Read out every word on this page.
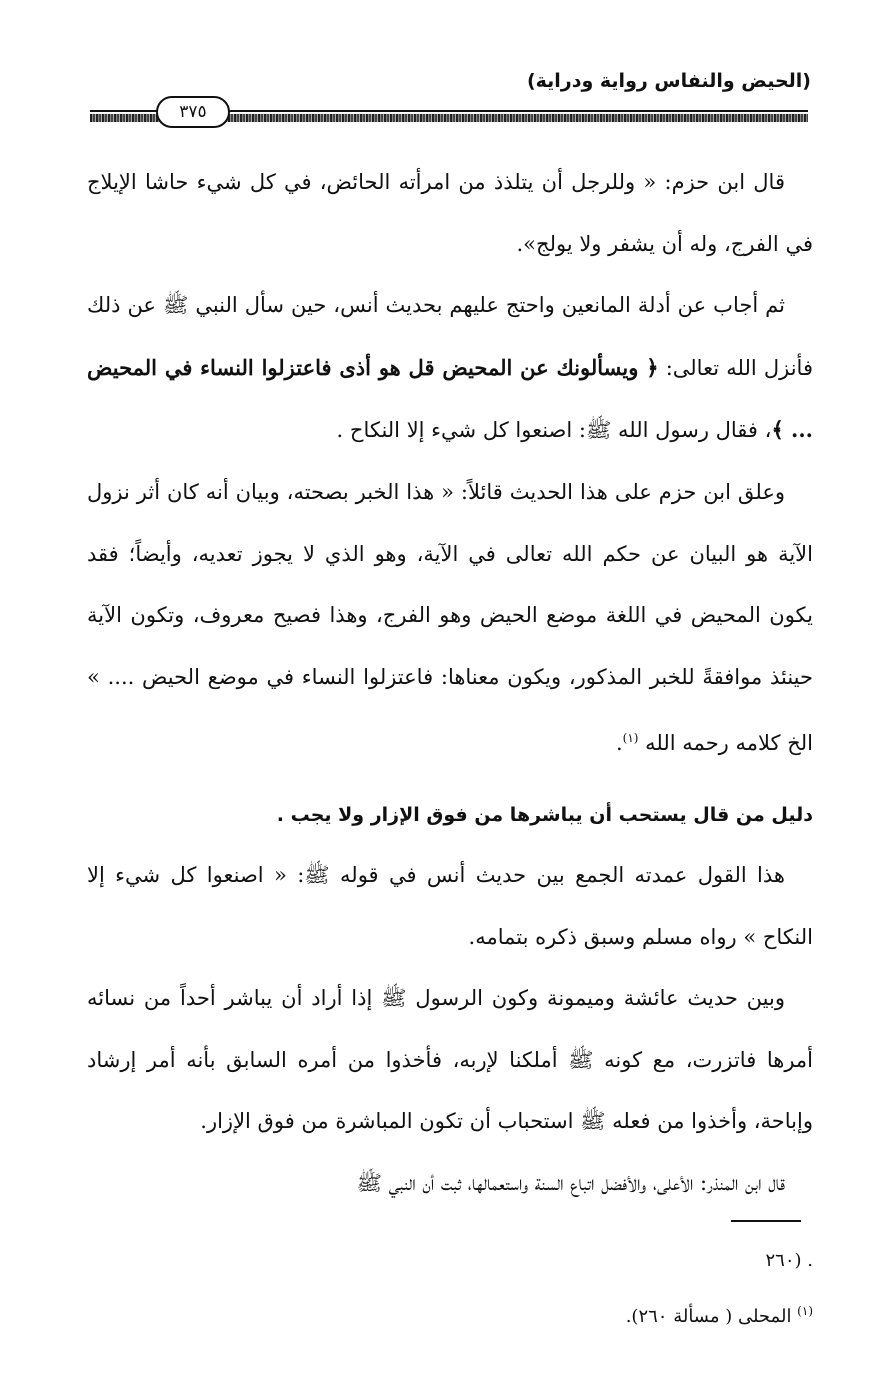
(الحيض والنفاس رواية ودراية)
٣٧٥

قال ابن حزم: « وللرجل أن يتلذذ من امرأته الحائض، في كل شيء حاشا الإيلاج في الفرج، وله أن يشفر ولا يولج».

ثم أجاب عن أدلة المانعين واحتج عليهم بحديث أنس، حين سأل النبي ﷺ عن ذلك فأنزل الله تعالى: ﴿ ويسألونك عن المحيض قل هو أذى فاعتزلوا النساء في المحيض ... ﴾، فقال رسول الله ﷺ: اصنعوا كل شيء إلا النكاح .

وعلق ابن حزم على هذا الحديث قائلاً: « هذا الخبر بصحته، وبيان أنه كان أثر نزول الآية هو البيان عن حكم الله تعالى في الآية، وهو الذي لا يجوز تعديه، وأيضاً؛ فقد يكون المحيض في اللغة موضع الحيض وهو الفرج، وهذا فصيح معروف، وتكون الآية حينئذ موافقةً للخبر المذكور، ويكون معناها: فاعتزلوا النساء في موضع الحيض .... » الخ كلامه رحمه الله $^{(١)}$.

دليل من قال يستحب أن يباشرها من فوق الإزار ولا يجب .

هذا القول عمدته الجمع بين حديث أنس في قوله ﷺ: « اصنعوا كل شيء إلا النكاح » رواه مسلم وسبق ذكره بتمامه.

وبين حديث عائشة وميمونة وكون الرسول ﷺ إذا أراد أن يباشر أحداً من نسائه أمرها فاتزرت، مع كونه ﷺ أملكنا لإربه، فأخذوا من أمره السابق بأنه أمر إرشاد وإباحة، وأخذوا من فعله ﷺ استحباب أن تكون المباشرة من فوق الإزار.

قال ابن المنذر: الأعلى، والأفضل اتباع السنة واستعمالها، ثبت أن النبي ﷺ

. (٢٦٠

$^{(١)}$ المحلى ( مسألة ٢٦٠).
